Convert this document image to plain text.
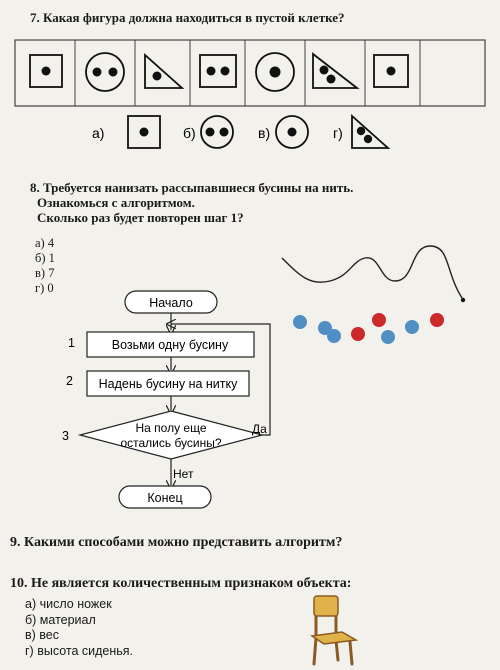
7. Какая фигура должна находиться в пустой клетке?
а)	б)	в)	г)
8. Требуется нанизать рассыпавшиеся бусины на нить.
Ознакомься с алгоритмом.
Сколько раз будет повторен шаг 1?
а) 4
б) 1
в) 7
г) 0
Начало
1	Возьми одну бусину
2 Надень бусину на нитку
3
На полу еще
остались бусины?
Да
Нет
Конец
9. Какими способами можно представить алгоритм?
10. Не является количественным признаком объекта:
а) число ножек
б) материал
в) вес
г) высота сиденья.
